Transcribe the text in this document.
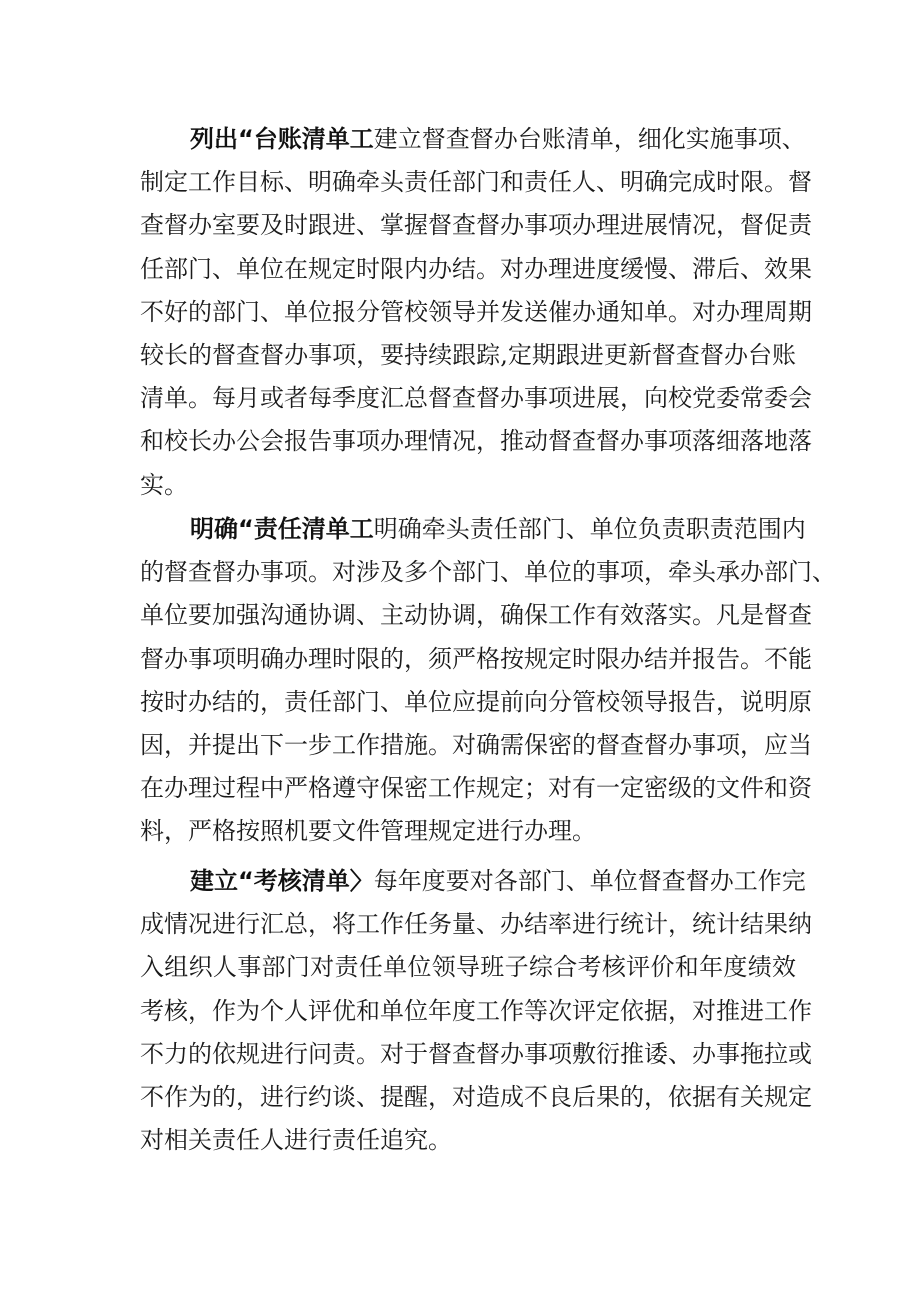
列出“台账清单工建立督查督办台账清单，细化实施事项、
制定工作目标、明确牵头责任部门和责任人、明确完成时限。督
查督办室要及时跟进、掌握督查督办事项办理进展情况，督促责
任部门、单位在规定时限内办结。对办理进度缓慢、滞后、效果
不好的部门、单位报分管校领导并发送催办通知单。对办理周期
较长的督查督办事项，要持续跟踪,定期跟进更新督查督办台账
清单。每月或者每季度汇总督查督办事项进展，向校党委常委会
和校长办公会报告事项办理情况，推动督查督办事项落细落地落
实。
明确“责任清单工明确牵头责任部门、单位负责职责范围内
的督查督办事项。对涉及多个部门、单位的事项，牵头承办部门、
单位要加强沟通协调、主动协调，确保工作有效落实。凡是督查
督办事项明确办理时限的，须严格按规定时限办结并报告。不能
按时办结的，责任部门、单位应提前向分管校领导报告，说明原
因，并提出下一步工作措施。对确需保密的督查督办事项，应当
在办理过程中严格遵守保密工作规定；对有一定密级的文件和资
料，严格按照机要文件管理规定进行办理。
建立“考核清单〉每年度要对各部门、单位督查督办工作完
成情况进行汇总，将工作任务量、办结率进行统计，统计结果纳
入组织人事部门对责任单位领导班子综合考核评价和年度绩效
考核，作为个人评优和单位年度工作等次评定依据，对推进工作
不力的依规进行问责。对于督查督办事项敷衍推诿、办事拖拉或
不作为的，进行约谈、提醒，对造成不良后果的，依据有关规定
对相关责任人进行责任追究。
